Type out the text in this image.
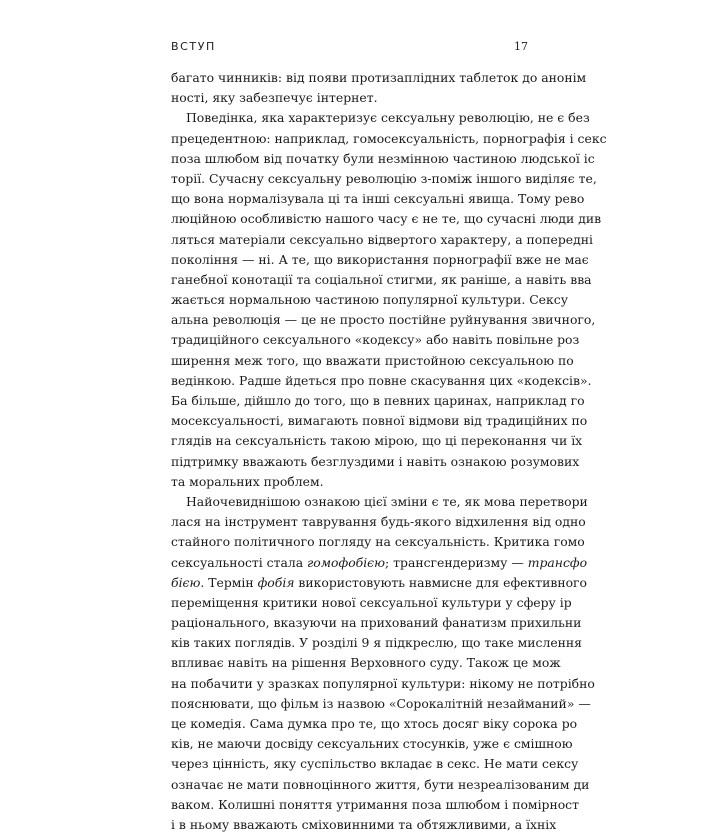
ВСТУП	17
багато чинників: від появи протизаплідних таблеток до анонім
ності, яку забезпечує інтернет.
Поведінка, яка характеризує сексуальну революцію, не є без
прецедентною: наприклад, гомосексуальність, порнографія і секс
поза шлюбом від початку були незмінною частиною людської іс
торії. Сучасну сексуальну революцію з-поміж іншого виділяє те,
що вона нормалізувала ці та інші сексуальні явища. Тому рево
люційною особливістю нашого часу є не те, що сучасні люди див
ляться матеріали сексуально відвертого характеру, а попередні
покоління — ні. А те, що використання порнографії вже не має
ганебної конотації та соціальної стигми, як раніше, а навіть вва
жається нормальною частиною популярної культури. Сексу
альна революція — це не просто постійне руйнування звичного,
традиційного сексуального «кодексу» або навіть повільне роз
ширення меж того, що вважати пристойною сексуальною по
ведінкою. Радше йдеться про повне скасування цих «кодексів».
Ба більше, дійшло до того, що в певних царинах, наприклад го
мосексуальності, вимагають повної відмови від традиційних по
глядів на сексуальність такою мірою, що ці переконання чи їх
підтримку вважають безглуздими і навіть ознакою розумових
та моральних проблем.
Найочевиднішою ознакою цієї зміни є те, як мова перетвори
лася на інструмент таврування будь-якого відхилення від одно
стайного політичного погляду на сексуальність. Критика гомо
сексуальності стала гомофобією; трансгендеризму — трансфо
бією. Термін фобія використовують навмисне для ефективного
переміщення критики нової сексуальної культури у сферу ір
раціонального, вказуючи на прихований фанатизм прихильни
ків таких поглядів. У розділі 9 я підкреслю, що таке мислення
впливає навіть на рішення Верховного суду. Також це мож
на побачити у зразках популярної культури: нікому не потрібно
пояснювати, що фільм із назвою «Сорокалітній незайманий» —
це комедія. Сама думка про те, що хтось досяг віку сорока ро
ків, не маючи досвіду сексуальних стосунків, уже є смішною
через цінність, яку суспільство вкладає в секс. Не мати сексу
означає не мати повноцінного життя, бути незреалізованим ди
ваком. Колишні поняття утримання поза шлюбом і помірност
і в ньому вважають сміховинними та обтяжливими, а їхніх
